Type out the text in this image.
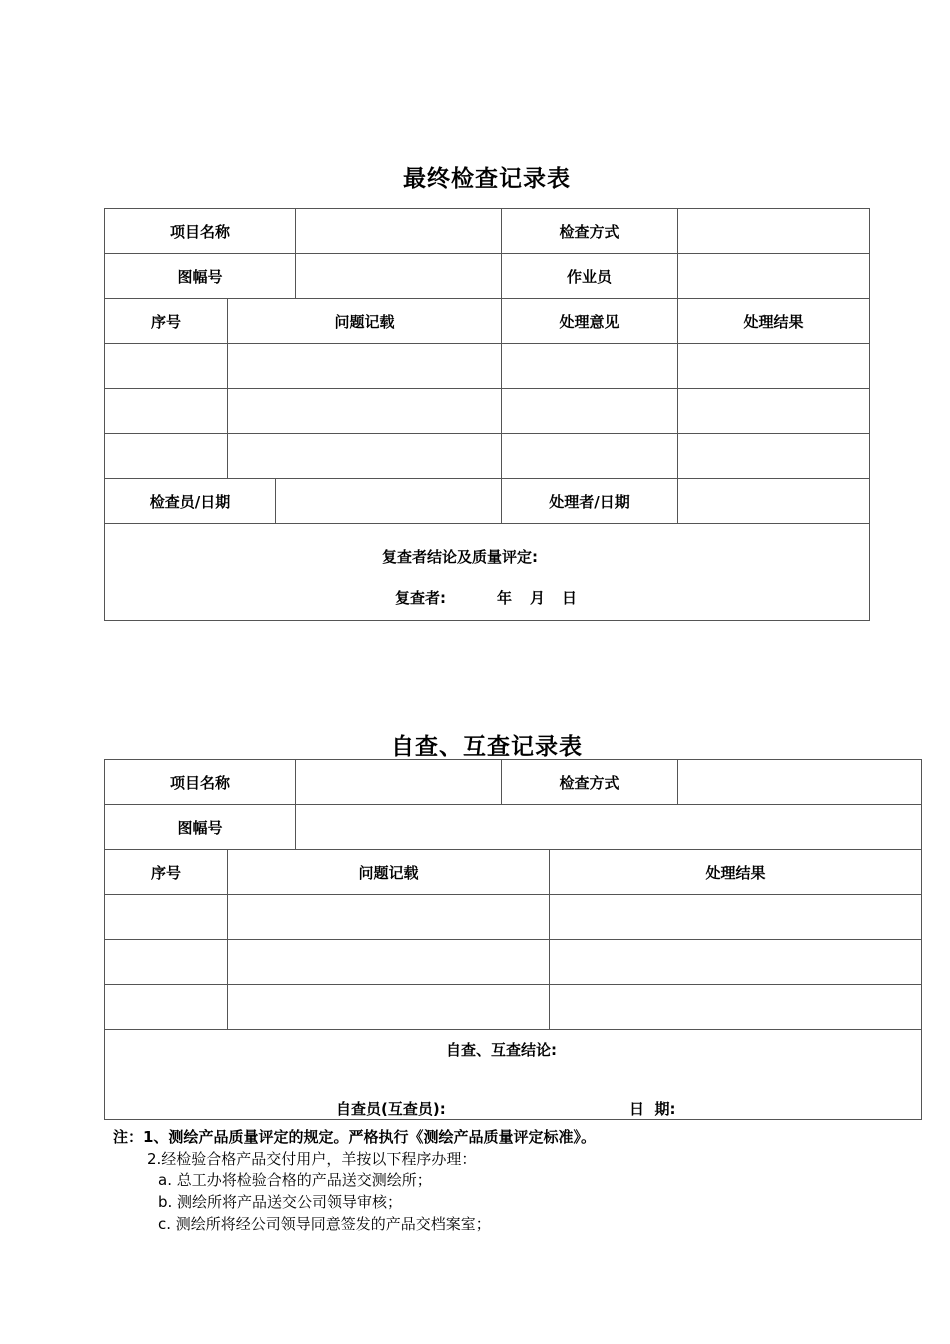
最终检查记录表
项目名称				检查方式	
图幅号				作业员	
序号	问题记载			处理意见	处理结果

检查员/日期				处理者/日期	

复查者结论及质量评定:
复查者:	年 月 日
自查、互查记录表
项目名称			检查方式		
图幅号					
序号	问题记载			处理结果	

自查、互查结论:
自查员(互查员):	日  期:
注：1、测绘产品质量评定的规定。严格执行《测绘产品质量评定标准》。
2.经检验合格产品交付用户，羊按以下程序办理：
a. 总工办将检验合格的产品送交测绘所；
b. 测绘所将产品送交公司领导审核；
c. 测绘所将经公司领导同意签发的产品交档案室；
